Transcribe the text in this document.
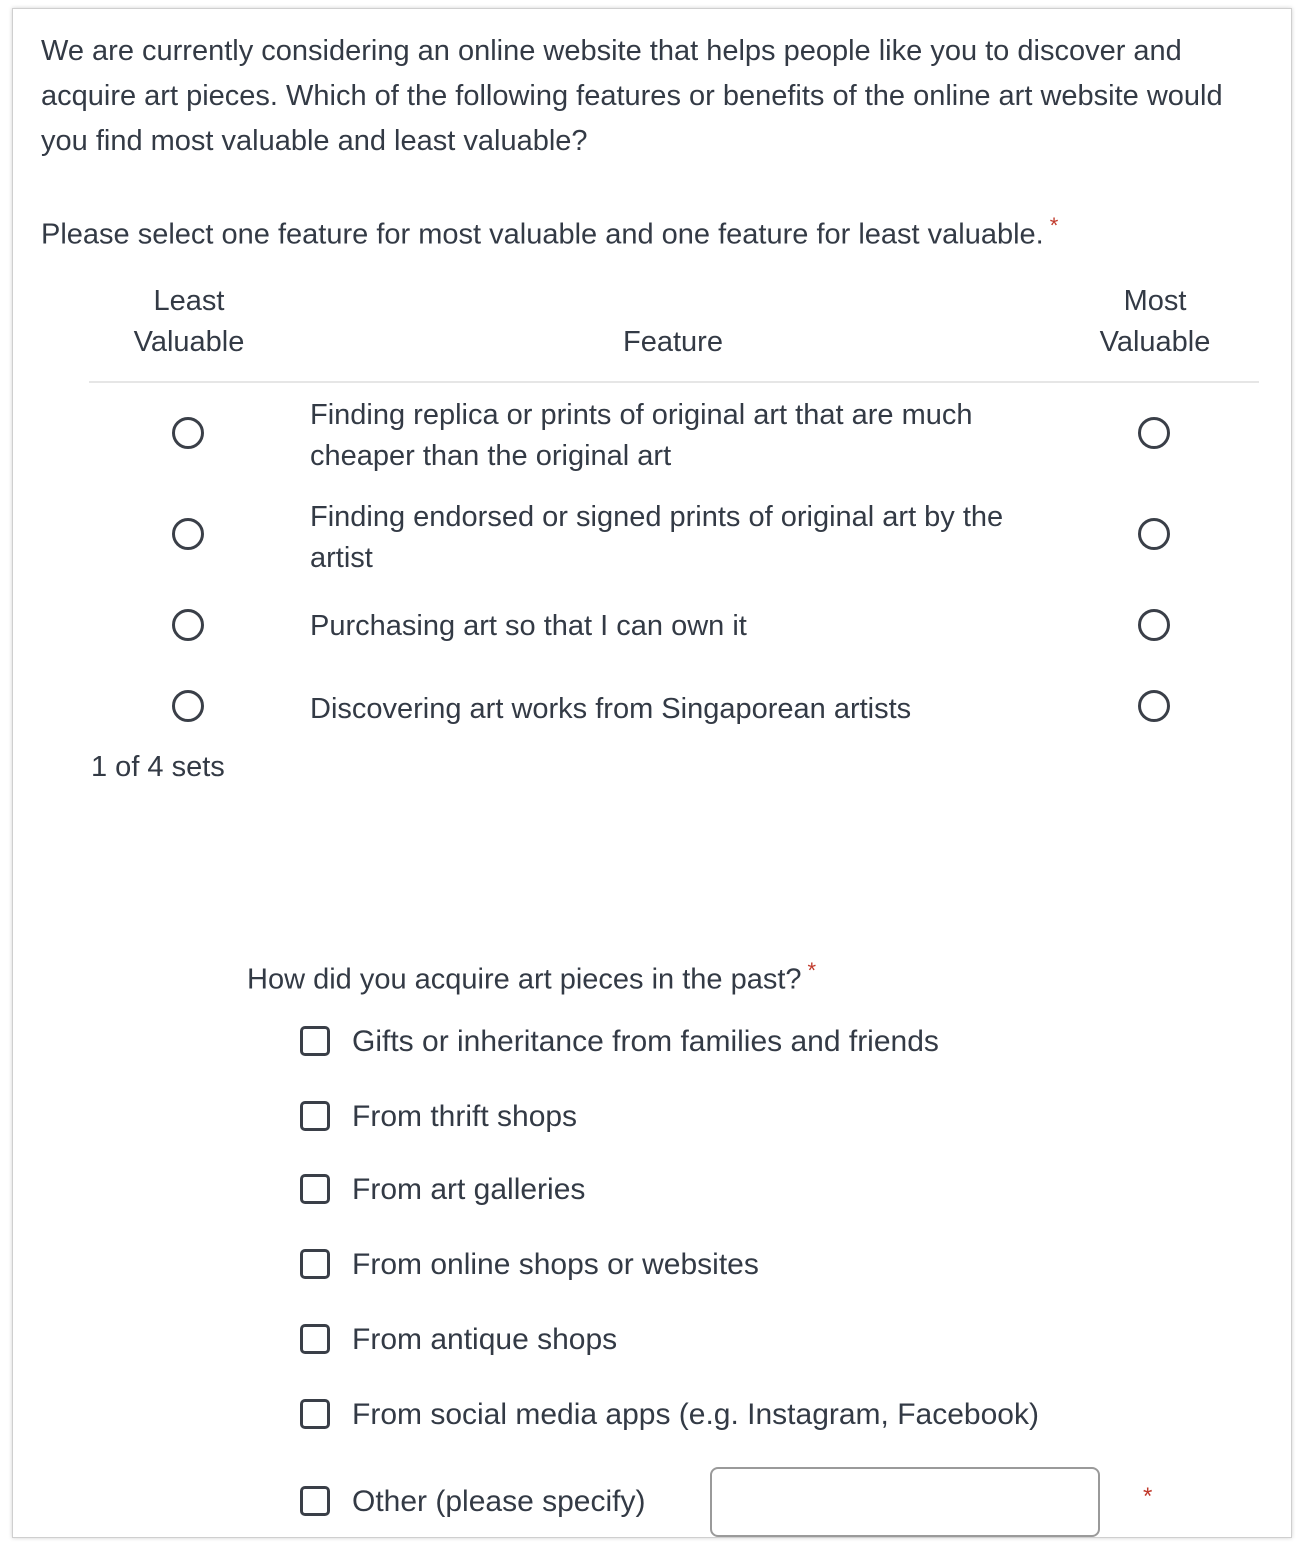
We are currently considering an online website that helps people like you to discover and acquire art pieces. Which of the following features or benefits of the online art website would you find most valuable and least valuable?

Please select one feature for most valuable and one feature for least valuable. *

Least
Valuable	Feature
Most
Valuable
Finding replica or prints of original art that are much cheaper than the original art
Finding endorsed or signed prints of original art by the artist
Purchasing art so that I can own it
Discovering art works from Singaporean artists
1 of 4 sets
How did you acquire art pieces in the past? *
Gifts or inheritance from families and friends
From thrift shops
From art galleries
From online shops or websites
From antique shops
From social media apps (e.g. Instagram, Facebook)
Other (please specify)	*
